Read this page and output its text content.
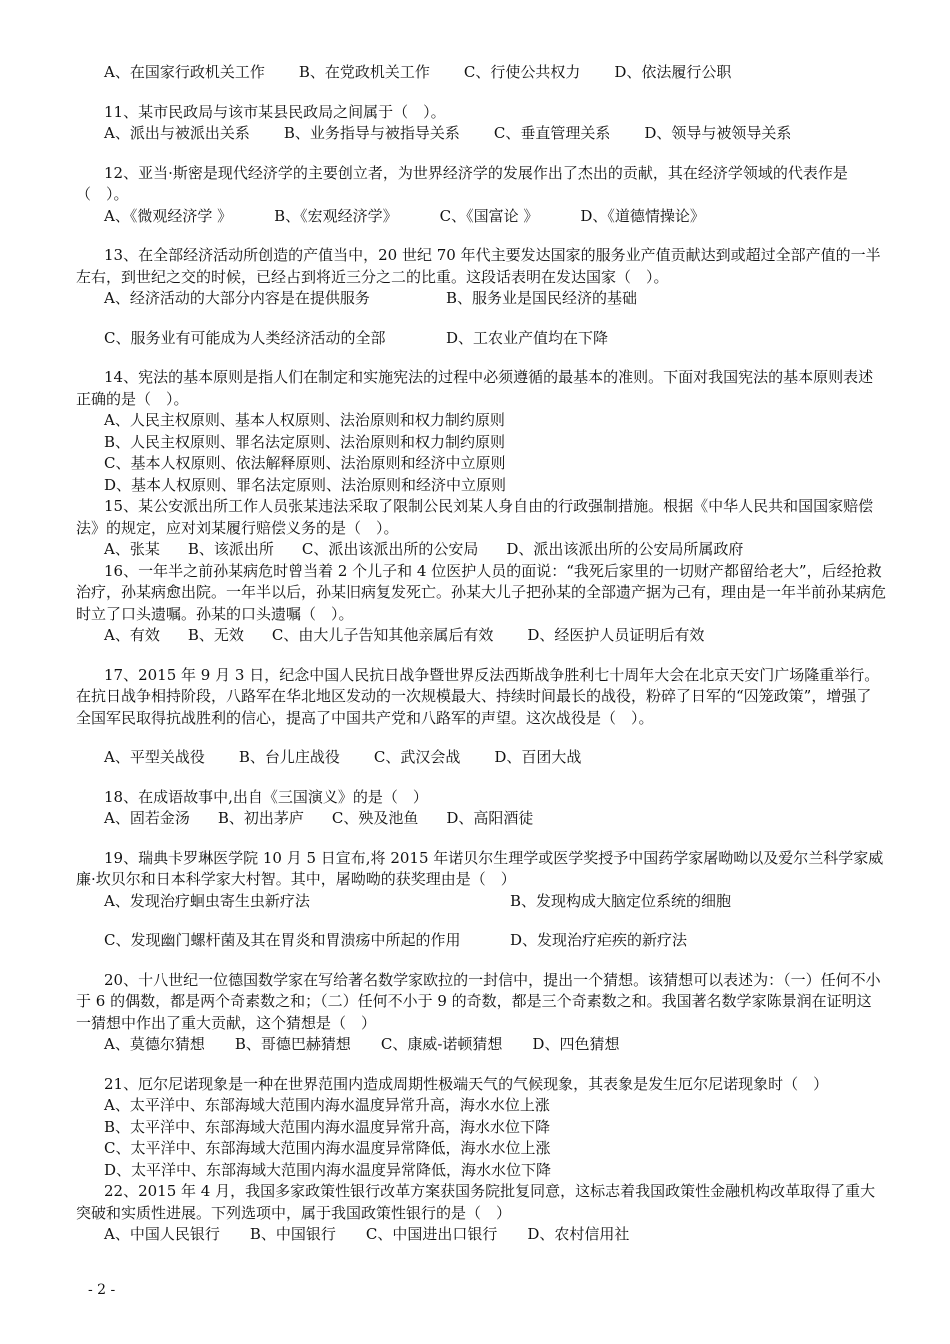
A、在国家行政机关工作 B、在党政机关工作 C、行使公共权力 D、依法履行公职

11、某市民政局与该市某县民政局之间属于（　）。

A、派出与被派出关系 B、业务指导与被指导关系 C、垂直管理关系 D、领导与被领导关系

12、亚当·斯密是现代经济学的主要创立者，为世界经济学的发展作出了杰出的贡献，其在经济学领域的代表作是（　）。

A、《微观经济学 》	B、《宏观经济学》	C、《国富论 》	D、《道德情操论》

13、在全部经济活动所创造的产值当中，20 世纪 70 年代主要发达国家的服务业产值贡献达到或超过全部产值的一半左右，到世纪之交的时候，已经占到将近三分之二的比重。这段话表明在发达国家（　）。

A、经济活动的大部分内容是在提供服务	B、服务业是国民经济的基础
C、服务业有可能成为人类经济活动的全部	D、工农业产值均在下降

14、宪法的基本原则是指人们在制定和实施宪法的过程中必须遵循的最基本的准则。下面对我国宪法的基本原则表述正确的是（　）。

A、人民主权原则、基本人权原则、法治原则和权力制约原则
B、人民主权原则、罪名法定原则、法治原则和权力制约原则
C、基本人权原则、依法解释原则、法治原则和经济中立原则
D、基本人权原则、罪名法定原则、法治原则和经济中立原则

15、某公安派出所工作人员张某违法采取了限制公民刘某人身自由的行政强制措施。根据《中华人民共和国国家赔偿法》的规定，应对刘某履行赔偿义务的是（　）。

A、张某 B、该派出所 C、派出该派出所的公安局 D、派出该派出所的公安局所属政府

16、一年半之前孙某病危时曾当着 2 个儿子和 4 位医护人员的面说：“我死后家里的一切财产都留给老大”，后经抢救治疗，孙某病愈出院。一年半以后，孙某旧病复发死亡。孙某大儿子把孙某的全部遗产据为己有，理由是一年半前孙某病危时立了口头遗嘱。孙某的口头遗嘱（　）。

A、有效 B、无效 C、由大儿子告知其他亲属后有效 D、经医护人员证明后有效

17、2015 年 9 月 3 日，纪念中国人民抗日战争暨世界反法西斯战争胜利七十周年大会在北京天安门广场隆重举行。在抗日战争相持阶段，八路军在华北地区发动的一次规模最大、持续时间最长的战役，粉碎了日军的“囚笼政策”，增强了全国军民取得抗战胜利的信心，提高了中国共产党和八路军的声望。这次战役是（　）。

A、平型关战役 B、台儿庄战役 C、武汉会战 D、百团大战

18、在成语故事中,出自《三国演义》的是（　）

A、固若金汤 B、初出茅庐 C、殃及池鱼 D、高阳酒徒

19、瑞典卡罗琳医学院 10 月 5 日宣布,将 2015 年诺贝尔生理学或医学奖授予中国药学家屠呦呦以及爱尔兰科学家威廉·坎贝尔和日本科学家大村智。其中，屠呦呦的获奖理由是（　）

A、发现治疗蛔虫寄生虫新疗法	B、发现构成大脑定位系统的细胞
C、发现幽门螺杆菌及其在胃炎和胃溃疡中所起的作用	D、发现治疗疟疾的新疗法

20、十八世纪一位德国数学家在写给著名数学家欧拉的一封信中，提出一个猜想。该猜想可以表述为：（一）任何不小于 6 的偶数，都是两个奇素数之和；（二）任何不小于 9 的奇数，都是三个奇素数之和。我国著名数学家陈景润在证明这一猜想中作出了重大贡献，这个猜想是（　）

A、莫德尔猜想 B、哥德巴赫猜想 C、康威-诺顿猜想 D、四色猜想

21、厄尔尼诺现象是一种在世界范围内造成周期性极端天气的气候现象，其表象是发生厄尔尼诺现象时（　）

A、太平洋中、东部海域大范围内海水温度异常升高，海水水位上涨
B、太平洋中、东部海域大范围内海水温度异常升高，海水水位下降
C、太平洋中、东部海域大范围内海水温度异常降低，海水水位上涨
D、太平洋中、东部海域大范围内海水温度异常降低，海水水位下降

22、2015 年 4 月，我国多家政策性银行改革方案获国务院批复同意，这标志着我国政策性金融机构改革取得了重大突破和实质性进展。下列选项中，属于我国政策性银行的是（　）

A、中国人民银行 B、中国银行 C、中国进出口银行 D、农村信用社
- 2 -
